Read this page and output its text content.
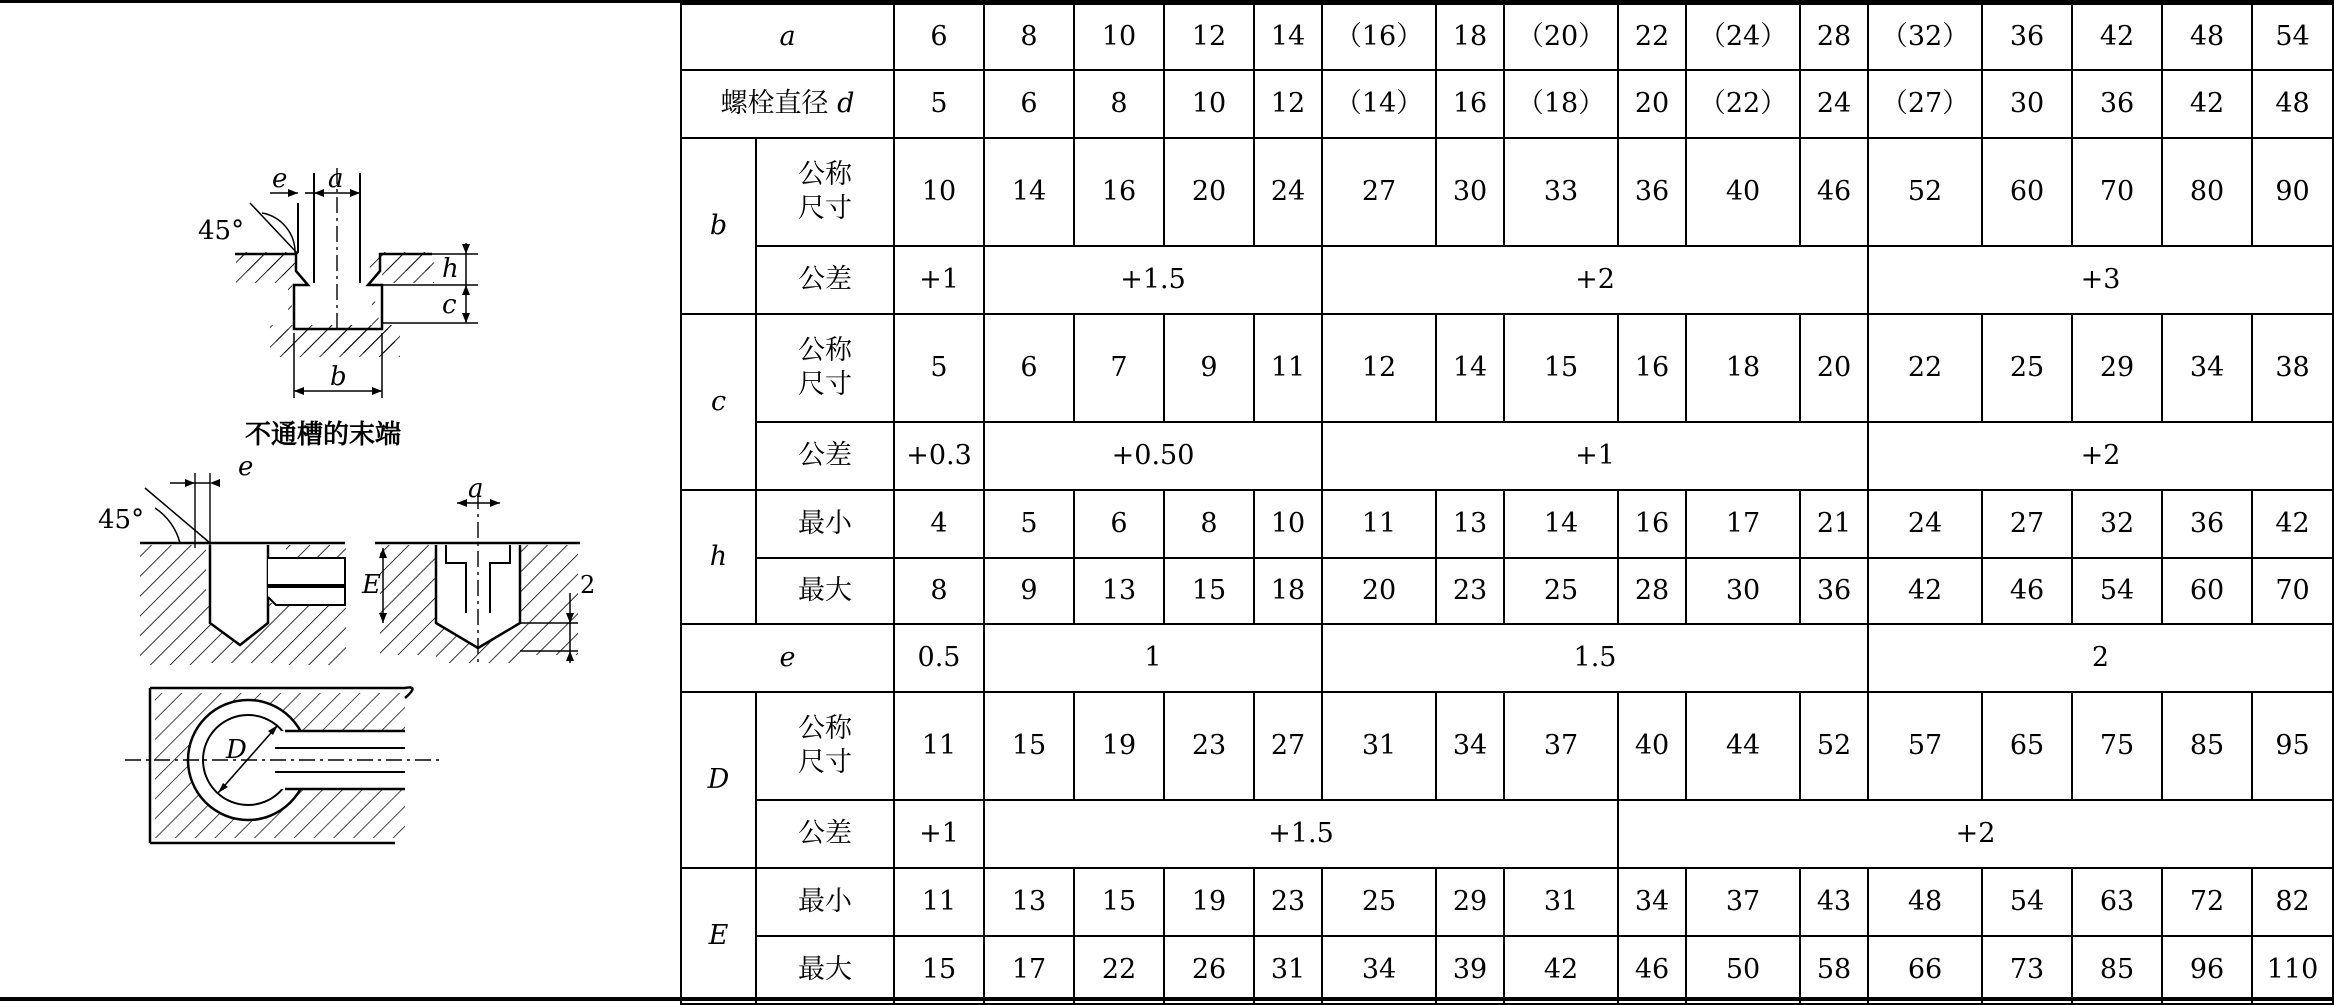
a
e
45°
h
c
b
不通槽的末端
e
45°
a
E	2
D
a		6	8	10	12	14	（16）	18	（20）	22	（24）	28	（32）	36	42	48	54
螺栓直径 d		5	6	8	10	12	（14）	16	（18）	20	（22）	24	（27）	30	36	42	48
b	公称尺寸	10	14	16	20	24	27	30	33	36	40	46	52	60	70	80	90
	公差	+1	+1.5				+2						+3				
c	公称尺寸	5	6	7	9	11	12	14	15	16	18	20	22	25	29	34	38
	公差	+0.3	+0.50				+1						+2				
h	最小	4	5	6	8	10	11	13	14	16	17	21	24	27	32	36	42
	最大	8	9	13	15	18	20	23	25	28	30	36	42	46	54	60	70
e		0.5	1				1.5						2				
D	公称尺寸	11	15	19	23	27	31	34	37	40	44	52	57	65	75	85	95
	公差	+1	+1.5							+2							
E	最小	11	13	15	19	23	25	29	31	34	37	43	48	54	63	72	82
	最大	15	17	22	26	31	34	39	42	46	50	58	66	73	85	96	110
